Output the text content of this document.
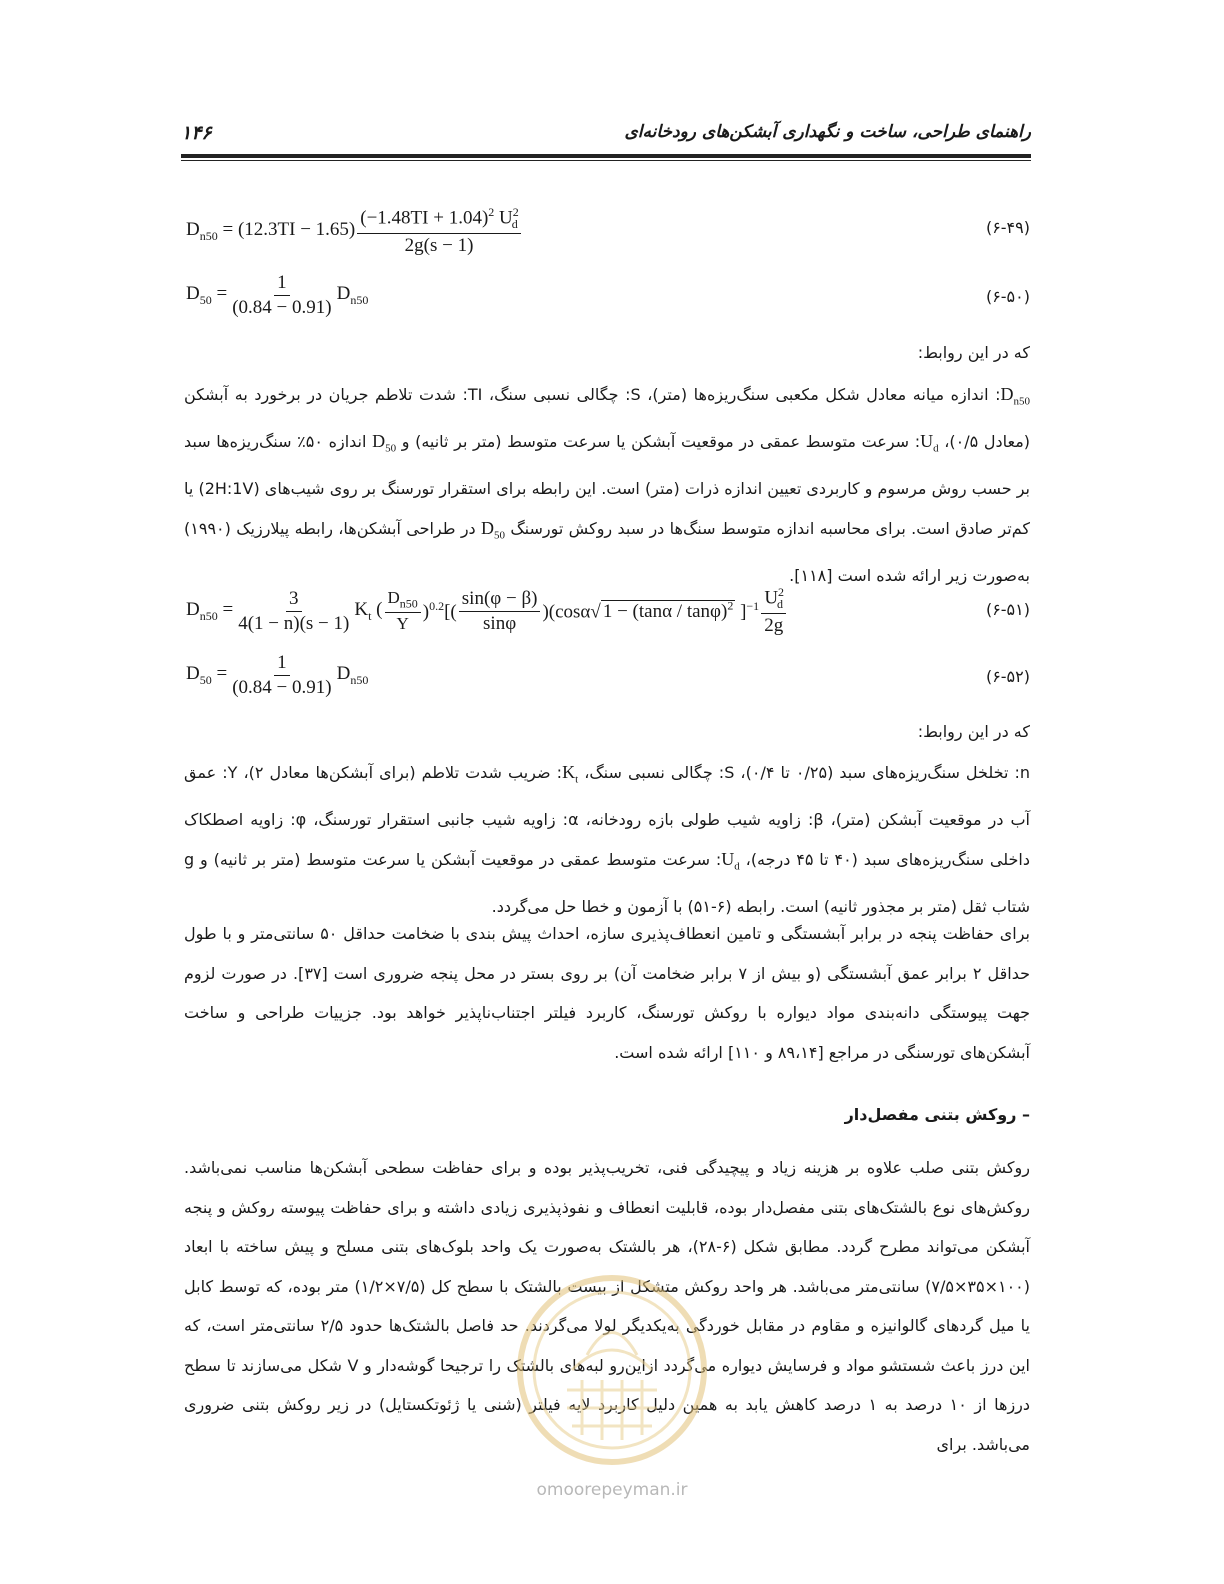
۱۴۶	راهنمای طراحی، ساخت و نگهداری آبشکن‌های رودخانه‌ای
$D_{n50} = (12.3TI - 1.65) \frac{(-1.48TI + 1.04)^2 U^2_d}{2g(s - 1)}$	(۶-۴۹)
$D_{50} = \frac{1}{(0.84 - 0.91)} D_{n50}$	(۶-۵۰)
که در این روابط:
$D_{n50}$: اندازه میانه معادل شکل مکعبی سنگ‌ریزه‌ها (متر)، S: چگالی نسبی سنگ، TI: شدت تلاطم جریان در برخورد به آبشکن (معادل ۰/۵)، $U_d$: سرعت متوسط عمقی در موقعیت آبشکن یا سرعت متوسط (متر بر ثانیه) و $D_{50}$ اندازه ۵۰٪ سنگ‌ریزه‌ها سبد بر حسب روش مرسوم و کاربردی تعیین اندازه ذرات (متر) است. این رابطه برای استقرار تورسنگ بر روی شیب‌های (2H:1V) یا کم‌تر صادق است. برای محاسبه اندازه متوسط سنگ‌ها در سبد روکش تورسنگ $D_{50}$ در طراحی آبشکن‌ها، رابطه پیلارزیک (۱۹۹۰) به‌صورت زیر ارائه شده است [۱۱۸].
$D_{n50} = \frac{3}{4(1 - n)(s - 1)} K_t$ ( $\frac{D_{n50}}{Y} )^{0.2}[( \frac{\sin(\varphi - \beta)}{\sin\varphi} )(\cos\alpha√$ 1 − (tanα / tanφ)$^2$ ]$^{-1} \frac{U^2_d}{2g}$	(۶-۵۱)
$D_{50} = \frac{1}{(0.84 - 0.91)} D_{n50}$	(۶-۵۲)
که در این روابط:
n: تخلخل سنگ‌ریزه‌های سبد (۰/۲۵ تا ۰/۴)، S: چگالی نسبی سنگ، $K_t$: ضریب شدت تلاطم (برای آبشکن‌ها معادل ۲)، Y: عمق آب در موقعیت آبشکن (متر)، β: زاویه شیب طولی بازه رودخانه، α: زاویه شیب جانبی استقرار تورسنگ، φ: زاویه اصطکاک داخلی سنگ‌ریزه‌های سبد (۴۰ تا ۴۵ درجه)، $U_d$: سرعت متوسط عمقی در موقعیت آبشکن یا سرعت متوسط (متر بر ثانیه) و g شتاب ثقل (متر بر مجذور ثانیه) است. رابطه (۶-۵۱) با آزمون و خطا حل می‌گردد.
برای حفاظت پنجه در برابر آبشستگی و تامین انعطاف‌پذیری سازه، احداث پیش بندی با ضخامت حداقل ۵۰ سانتی‌متر و با طول حداقل ۲ برابر عمق آبشستگی (و بیش از ۷ برابر ضخامت آن) بر روی بستر در محل پنجه ضروری است [۳۷]. در صورت لزوم جهت پیوستگی دانه‌بندی مواد دیواره با روکش تورسنگ، کاربرد فیلتر اجتناب‌ناپذیر خواهد بود. جزییات طراحی و ساخت آبشکن‌های تورسنگی در مراجع [۸۹،۱۴ و ۱۱۰] ارائه شده است.
– روکش بتنی مفصل‌دار
روکش بتنی صلب علاوه بر هزینه زیاد و پیچیدگی فنی، تخریب‌پذیر بوده و برای حفاظت سطحی آبشکن‌ها مناسب نمی‌باشد. روکش‌های نوع بالشتک‌های بتنی مفصل‌دار بوده، قابلیت انعطاف و نفوذپذیری زیادی داشته و برای حفاظت پیوسته روکش و پنجه آبشکن می‌تواند مطرح گردد. مطابق شکل (۶-۲۸)، هر بالشتک به‌صورت یک واحد بلوک‌های بتنی مسلح و پیش ساخته با ابعاد (۱۰۰×۳۵×۷/۵) سانتی‌متر می‌باشد. هر واحد روکش متشکل از بیست بالشتک با سطح کل (۷/۵×۱/۲) متر بوده، که توسط کابل یا میل گردهای گالوانیزه و مقاوم در مقابل خوردگی به‌یکدیگر لولا می‌گردند. حد فاصل بالشتک‌ها حدود ۲/۵ سانتی‌متر است، که این درز باعث شستشو مواد و فرسایش دیواره می‌گردد ازاین‌رو لبه‌های بالشتک را ترجیحا گوشه‌دار و V شکل می‌سازند تا سطح درزها از ۱۰ درصد به ۱ درصد کاهش یابد به همین دلیل کاربرد لایه فیلتر (شنی یا ژئوتکستایل) در زیر روکش بتنی ضروری می‌باشد. برای
omoorepeyman.ir
